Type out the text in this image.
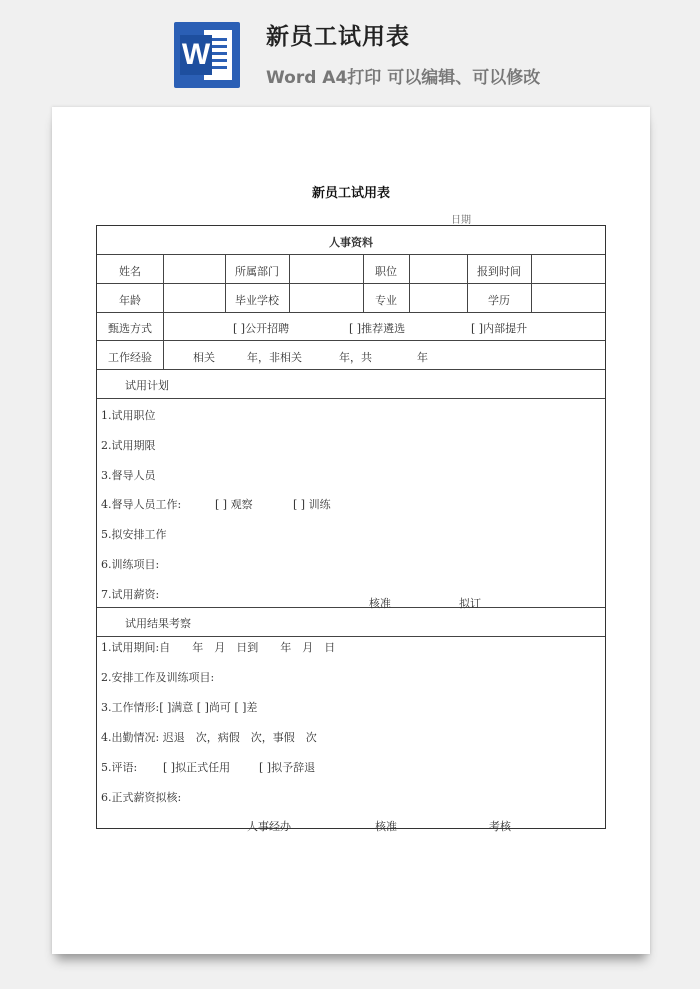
W
新员工试用表
Word A4打印 可以编辑、可以修改
新员工试用表
日期
人事资料
姓名	所属部门	职位	报到时间
年龄	毕业学校	专业	学历
甄选方式	[ ]公开招聘	[ ]推荐遴选	[ ]内部提升
工作经验	相关	年，非相关	年，共	年
试用计划
1.试用职位
2.试用期限
3.督导人员
4.督导人员工作:	[ ] 观察	[ ] 训练
5.拟安排工作
6.训练项目:
7.试用薪资:
核准	拟订
试用结果考察
1.试用期间:自　　年　月　日到　　年　月　日
2.安排工作及训练项目:
3.工作情形:[ ]满意 [ ]尚可 [ ]差
4.出勤情况: 迟退　次，病假　次，事假　次
5.评语: [ ]拟正式任用	[ ]拟予辞退
6.正式薪资拟核:
人事经办	核准	考核
